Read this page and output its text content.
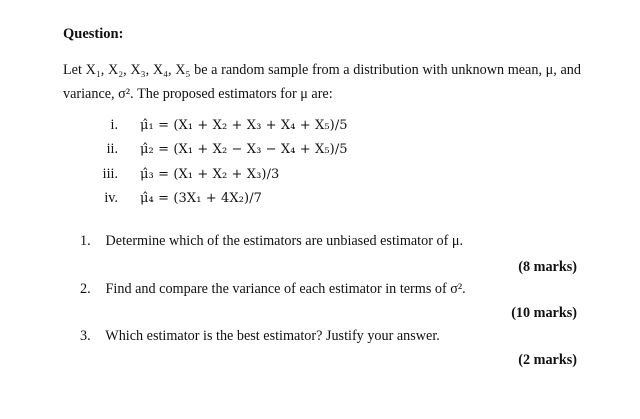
Question:

Let X₁, X₂, X₃, X₄, X₅ be a random sample from a distribution with unknown mean, μ, and variance, σ². The proposed estimators for μ are:

i.	μ̂₁ = (X₁ + X₂ + X₃ + X₄ + X₅)/5
ii.	μ̂₂ = (X₁ + X₂ − X₃ − X₄ + X₅)/5
iii.	μ̂₃ = (X₁ + X₂ + X₃)/3
iv.	μ̂₄ = (3X₁ + 4X₂)/7
1. Determine which of the estimators are unbiased estimator of μ.
(8 marks)
2. Find and compare the variance of each estimator in terms of σ².
(10 marks)
3. Which estimator is the best estimator? Justify your answer.
(2 marks)
